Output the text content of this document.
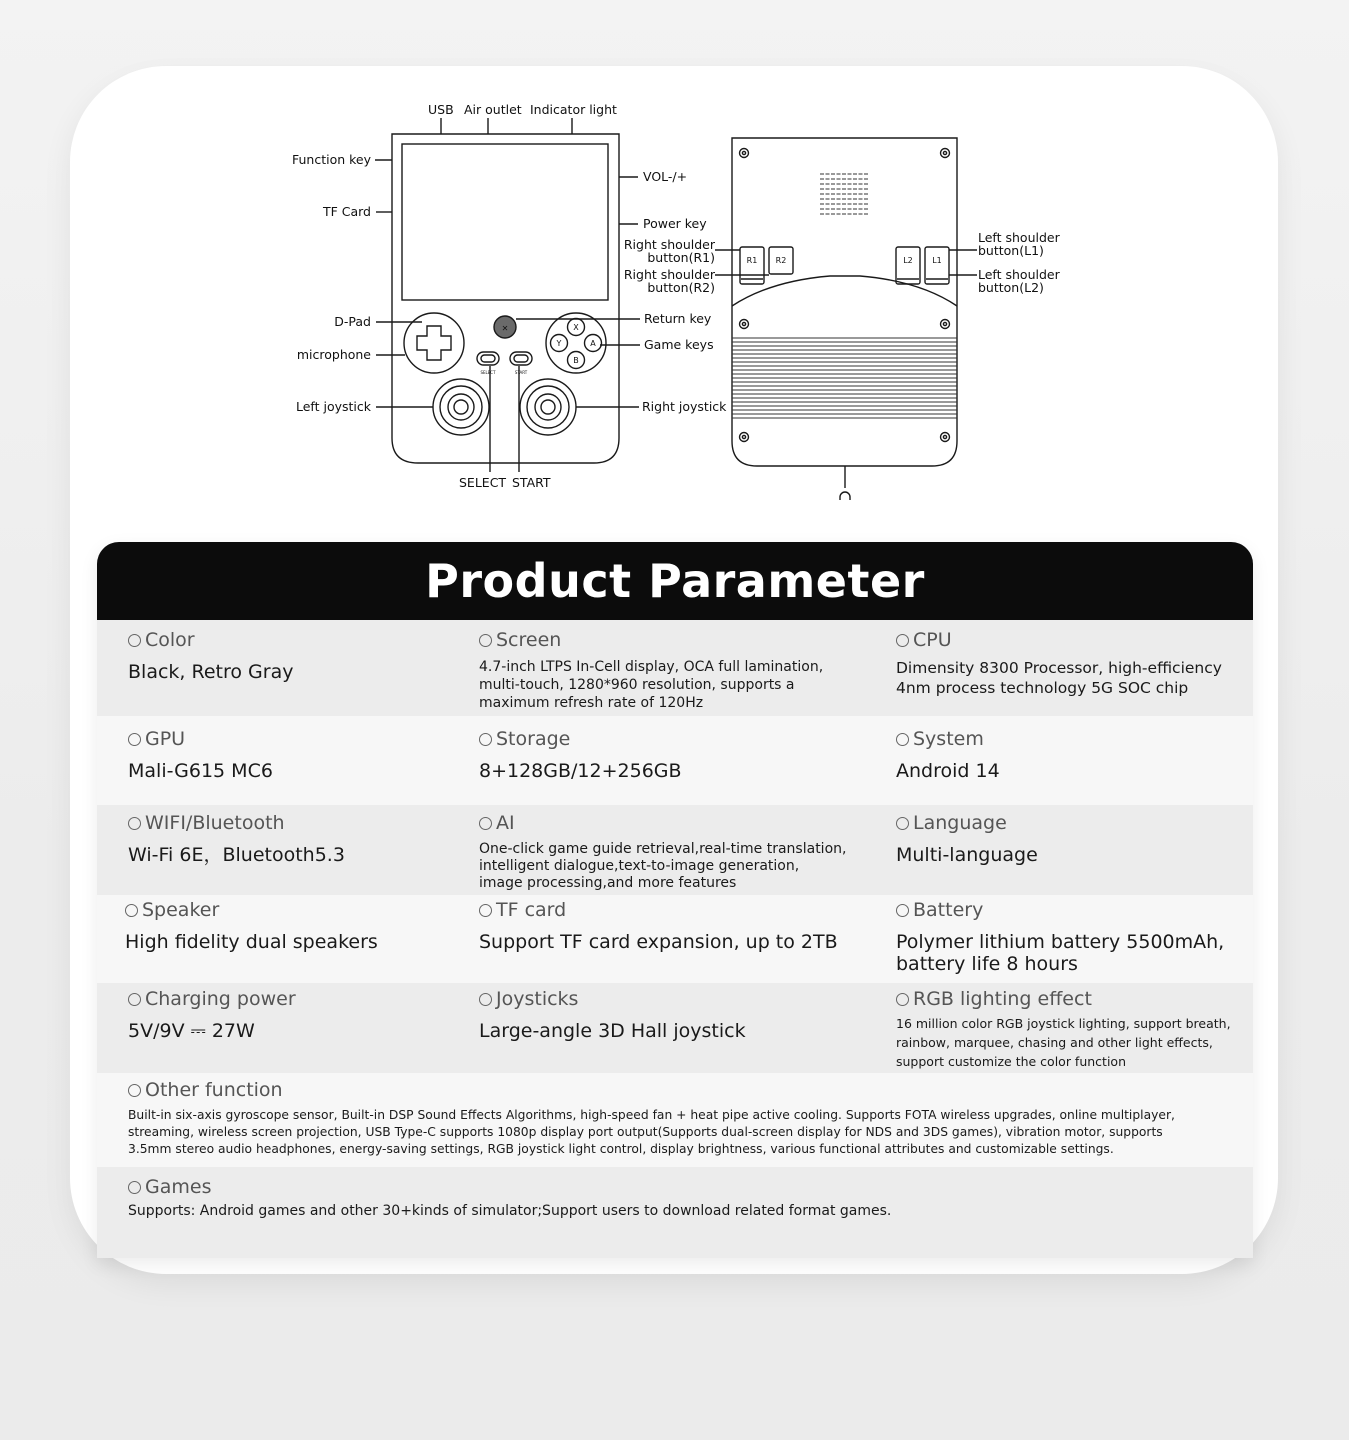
✕
USB Air outlet Indicator light
Function key
TF Card
VOL-/+
Power key
Right shoulder
button(R1)
Right shoulder
button(R2)
D-Pad
microphone
Return key
Game keys
Left joystick	Right joystick
SELECT START
SELECT	START
X
Y	A
B
R1 R2	L2 L1
Left shoulder
button(L1)
Left shoulder
button(L2)
Product Parameter
Color
Black, Retro Gray
Screen
4.7-inch LTPS In-Cell display, OCA full lamination,
multi-touch, 1280*960 resolution, supports a
maximum refresh rate of 120Hz
CPU
Dimensity 8300 Processor, high-efficiency
4nm process technology 5G SOC chip
GPU
Mali-G615 MC6
Storage
8+128GB/12+256GB
System
Android 14
WIFI/Bluetooth
Wi-Fi 6E，Bluetooth5.3
AI
One-click game guide retrieval,real-time translation,
intelligent dialogue,text-to-image generation,
image processing,and more features
Language
Multi-language
Speaker
High fidelity dual speakers
TF card
Support TF card expansion, up to 2TB
Battery
Polymer lithium battery 5500mAh,
battery life 8 hours
Charging power
5V/9V ⎓ 27W
Joysticks
Large-angle 3D Hall joystick
RGB lighting effect
16 million color RGB joystick lighting, support breath,
rainbow, marquee, chasing and other light effects,
support customize the color function
Other function
Built-in six-axis gyroscope sensor, Built-in DSP Sound Effects Algorithms, high-speed fan + heat pipe active cooling. Supports FOTA wireless upgrades, online multiplayer,
streaming, wireless screen projection, USB Type-C supports 1080p display port output(Supports dual-screen display for NDS and 3DS games), vibration motor, supports
3.5mm stereo audio headphones, energy-saving settings, RGB joystick light control, display brightness, various functional attributes and customizable settings.
Games
Supports: Android games and other 30+kinds of simulator;Support users to download related format games.
